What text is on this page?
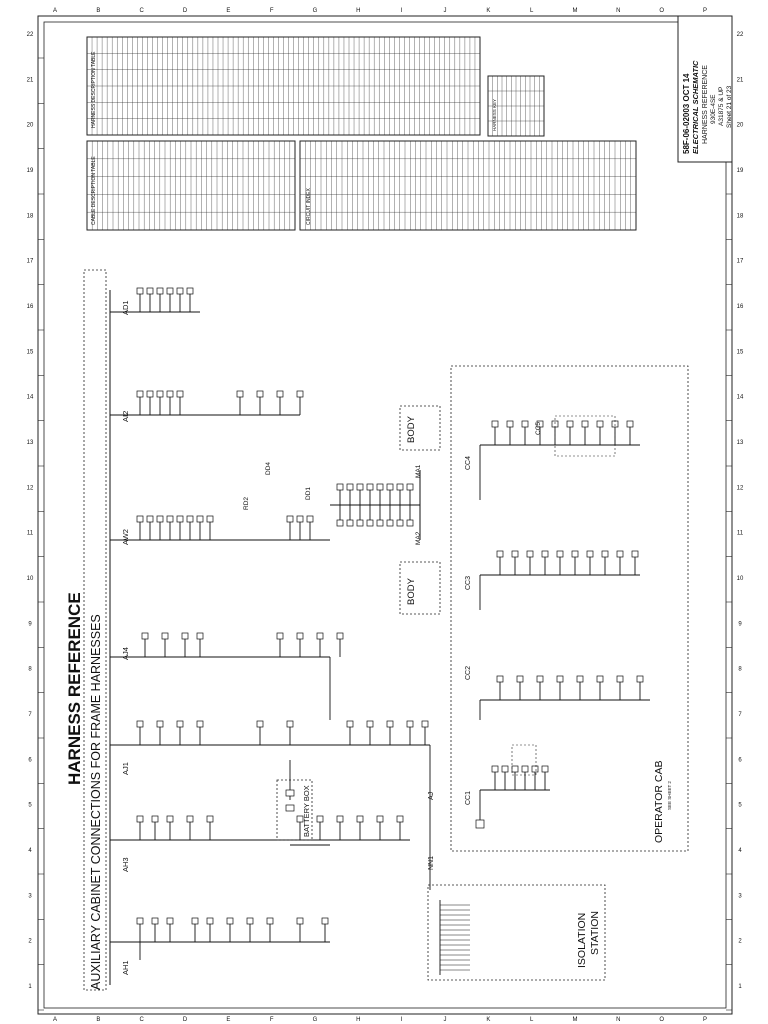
A	B	C	D	E	F	G	H	I	J	K	L	M	N	O	P
A	B	C	D	E	F	G	H	I	J	K	L	M	N	O	P
1
2
3
4
5
6
7
8
9
10
11
12
13
14
15
16
17
18
19
20
21
22
1
2
3
4
5
6
7
8
9
10
11
12
13
14
15
16
17
18
19
20
21
22
58F-06-02003 OCT 14 ELECTRICAL SCHEMATIC HARNESS REFERENCE 930E-4SE A31875 & UP Sheet 21 of 23
HARNESS DESCRIPTION TABLE
CABLE DESCRIPTION TABLE	CIRCUIT INDEX
HARNESS KEY
HARNESS REFERENCE AUXILIARY CABINET CONNECTIONS FOR FRAME HARNESSES AH1
AH3
AJ1
AJ4
AW2
AI2
AD1
RD2
DD1
DD4
AJ
NN1
MA2
MA1
CC1
CC2
CC3
CC4
CC5
BATTERY BOX
ISOLATION STATION
OPERATOR CAB SEE SHEET 2
BODY
BODY
